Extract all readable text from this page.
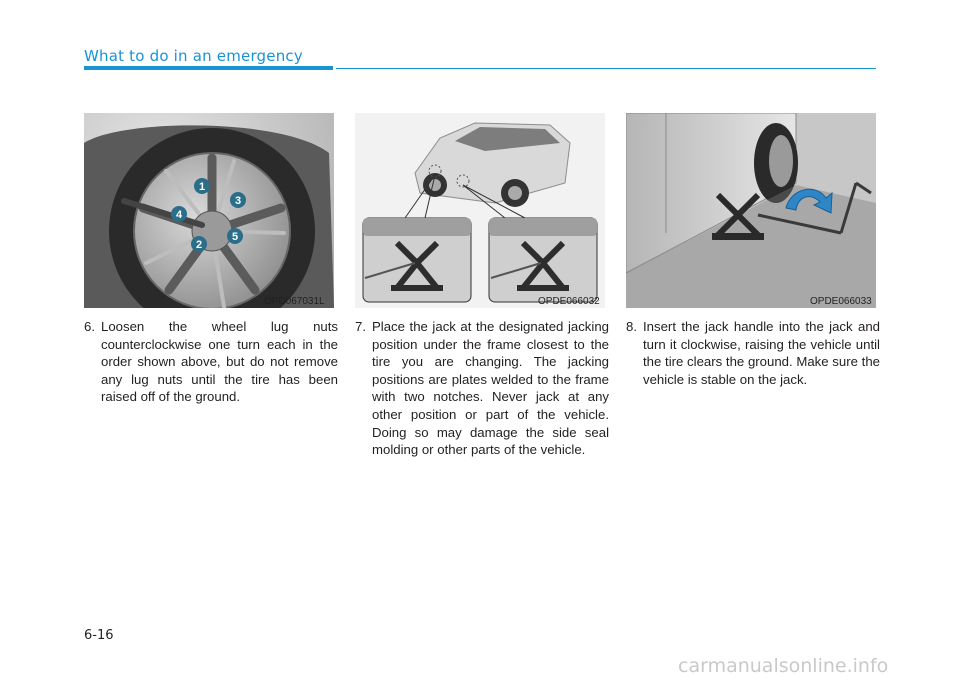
What to do in an emergency
1
2
3
4
5
OPD067031L	OPDE066032	OPDE066033
6. Loosen the wheel lug nuts counterclockwise one turn each in the order shown above, but do not remove any lug nuts until the tire has been raised off of the ground.
7. Place the jack at the designated jacking position under the frame closest to the tire you are changing. The jacking positions are plates welded to the frame with two notches. Never jack at any other position or part of the vehicle. Doing so may damage the side seal molding or other parts of the vehicle.
8. Insert the jack handle into the jack and turn it clockwise, raising the vehicle until the tire clears the ground. Make sure the vehicle is stable on the jack.
6-16
carmanualsonline.info
